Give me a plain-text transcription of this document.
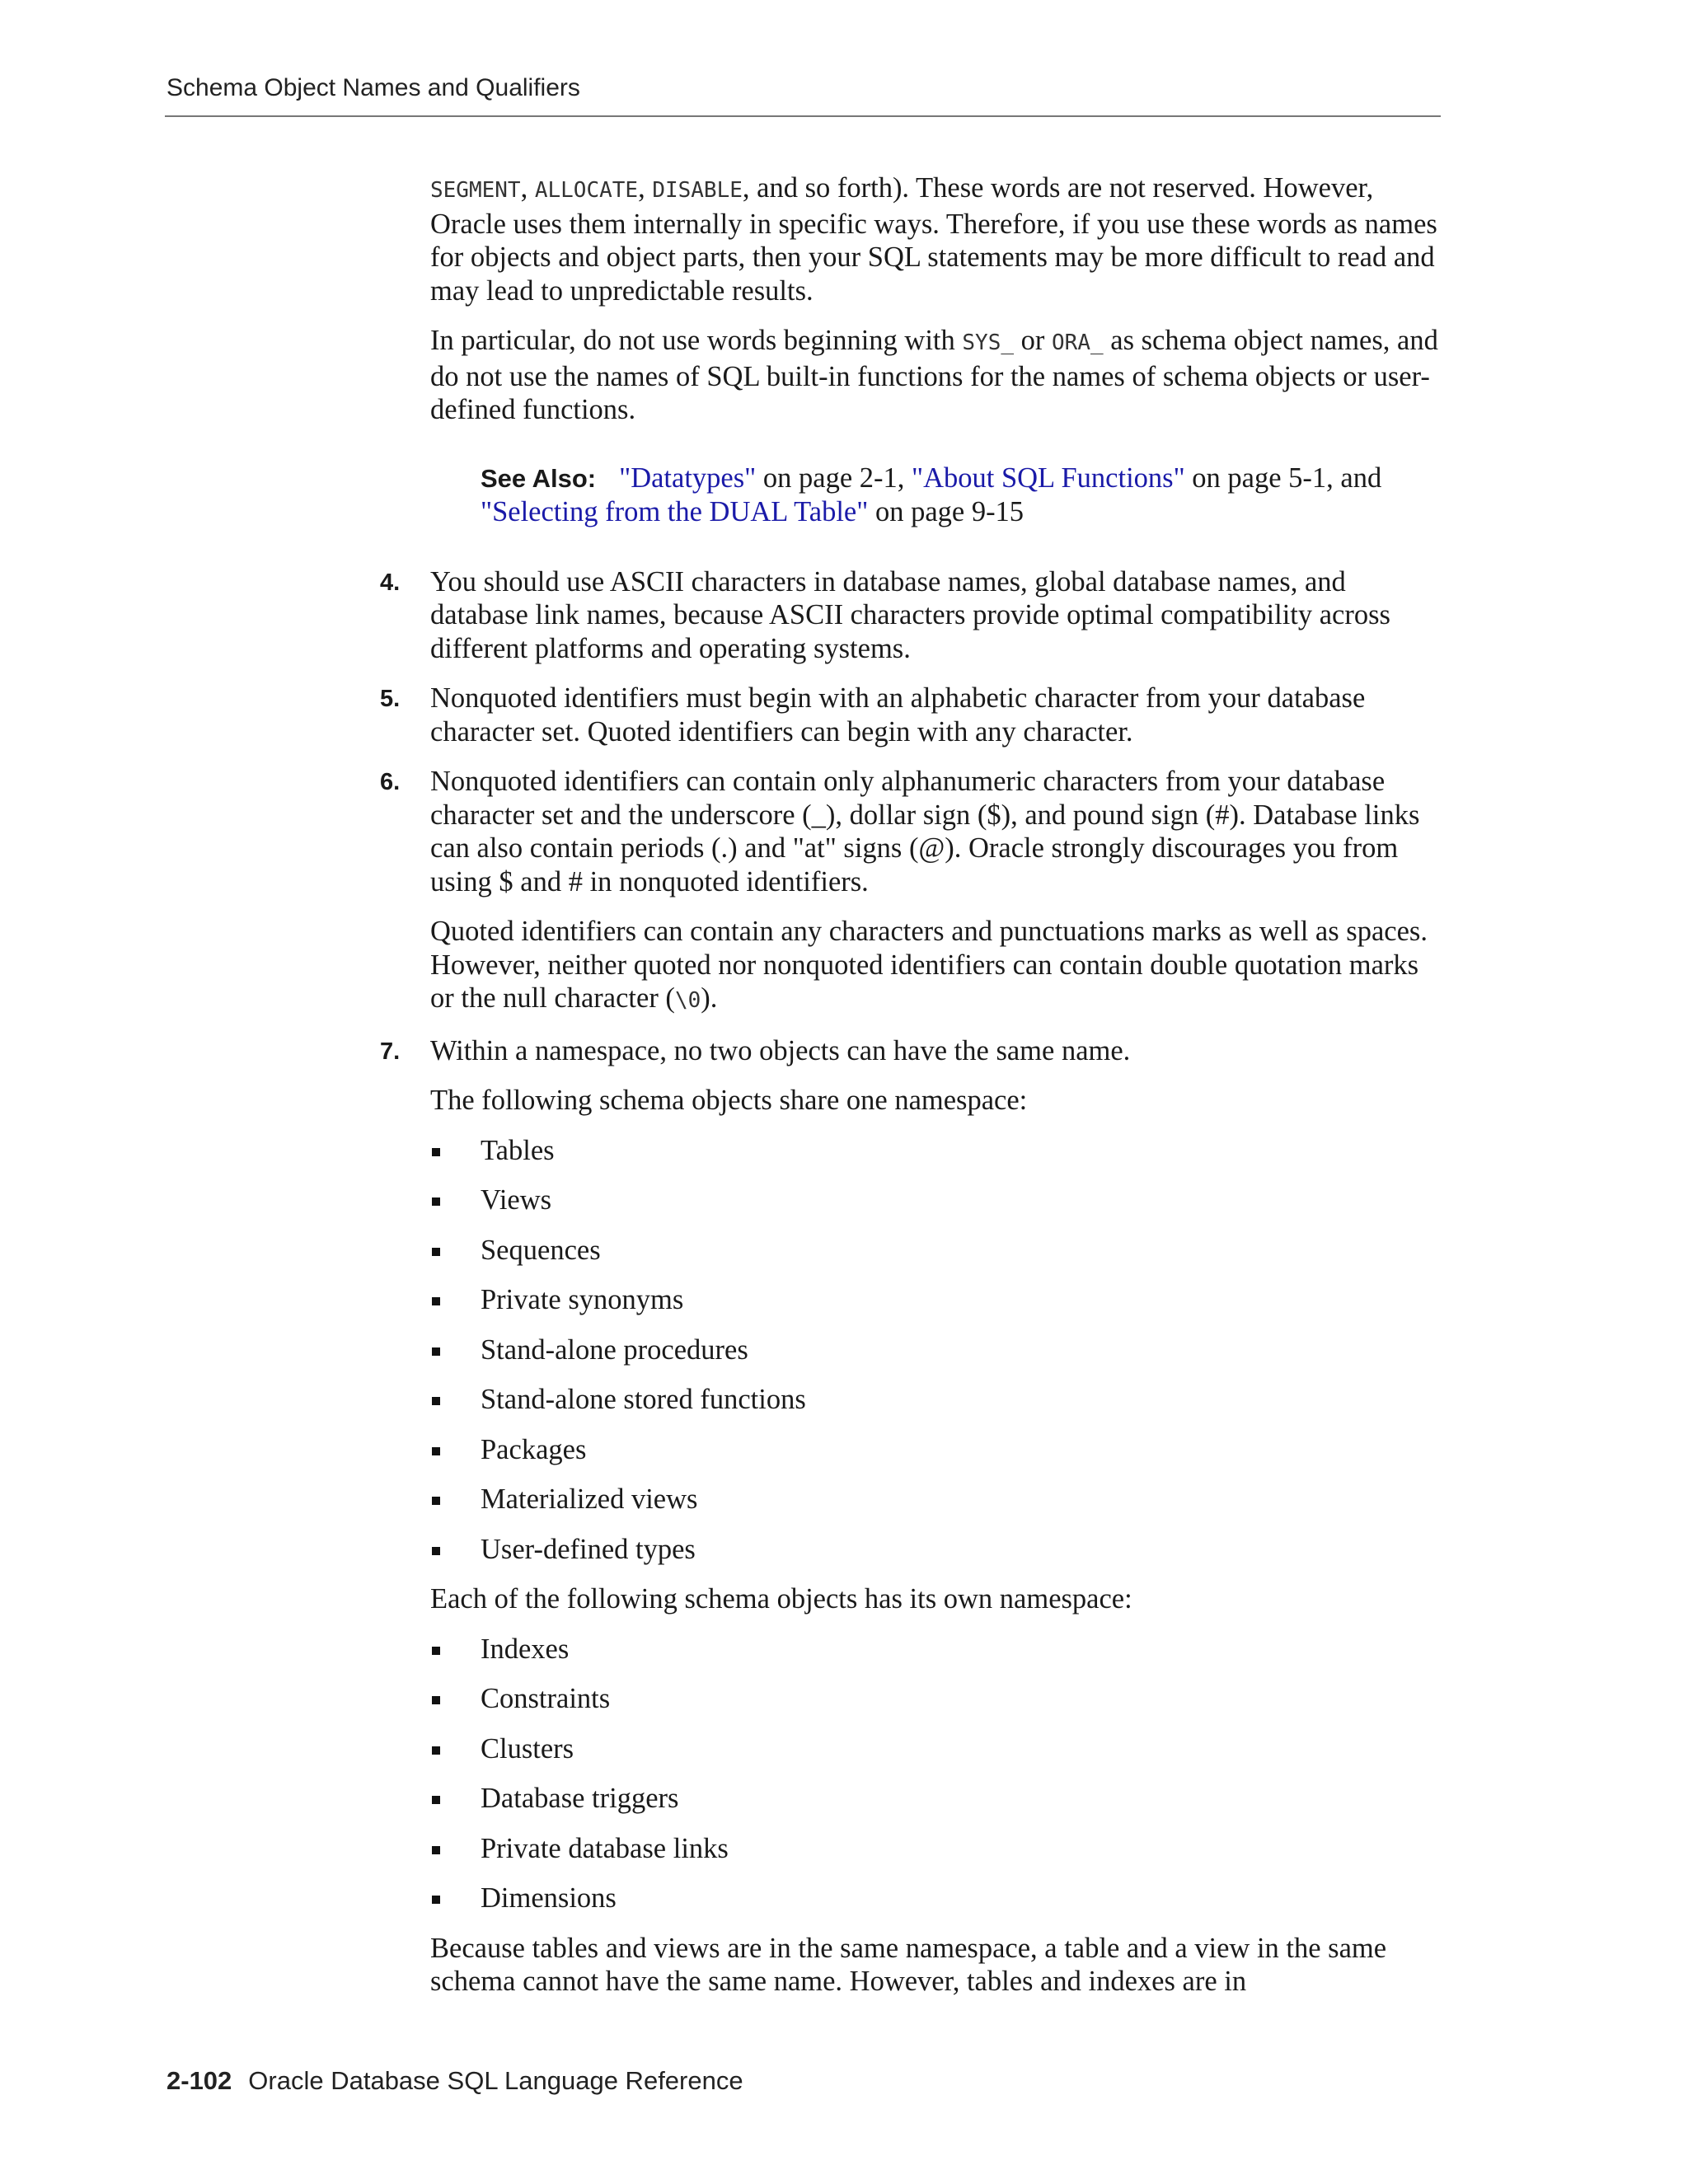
Schema Object Names and Qualifiers

SEGMENT, ALLOCATE, DISABLE, and so forth). These words are not reserved. However, Oracle uses them internally in specific ways. Therefore, if you use these words as names for objects and object parts, then your SQL statements may be more difficult to read and may lead to unpredictable results.

In particular, do not use words beginning with SYS_ or ORA_ as schema object names, and do not use the names of SQL built-in functions for the names of schema objects or user-defined functions.

See Also: "Datatypes" on page 2-1, "About SQL Functions" on page 5-1, and "Selecting from the DUAL Table" on page 9-15
4. You should use ASCII characters in database names, global database names, and database link names, because ASCII characters provide optimal compatibility across different platforms and operating systems.
5. Nonquoted identifiers must begin with an alphabetic character from your database character set. Quoted identifiers can begin with any character.
6. Nonquoted identifiers can contain only alphanumeric characters from your database character set and the underscore (_), dollar sign ($), and pound sign (#). Database links can also contain periods (.) and "at" signs (@). Oracle strongly discourages you from using $ and # in nonquoted identifiers.

Quoted identifiers can contain any characters and punctuations marks as well as spaces. However, neither quoted nor nonquoted identifiers can contain double quotation marks or the null character (\0).

7. Within a namespace, no two objects can have the same name.

The following schema objects share one namespace:

Tables
Views
Sequences
Private synonyms
Stand-alone procedures
Stand-alone stored functions
Packages
Materialized views
User-defined types

Each of the following schema objects has its own namespace:

Indexes
Constraints
Clusters
Database triggers
Private database links
Dimensions

Because tables and views are in the same namespace, a table and a view in the same schema cannot have the same name. However, tables and indexes are in

2-102 Oracle Database SQL Language Reference
